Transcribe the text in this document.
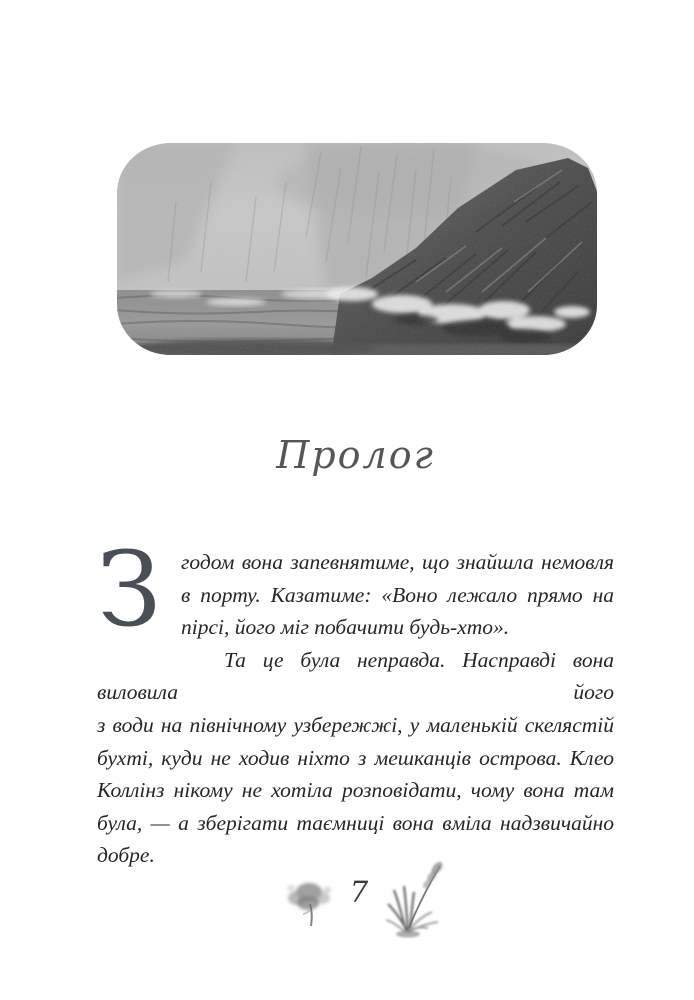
Пролог
З годом вона запевнятиме, що знайшла немовля
в порту. Казатиме: «Воно лежало прямо на
пірсі, його міг побачити будь-хто».
Та це була неправда. Насправді вона виловила його
з води на північному узбережжі, у маленькій скелястій
бухті, куди не ходив ніхто з мешканців острова. Клео
Коллінз нікому не хотіла розповідати, чому вона там
була, — а зберігати таємниці вона вміла надзвичайно
добре.
7
